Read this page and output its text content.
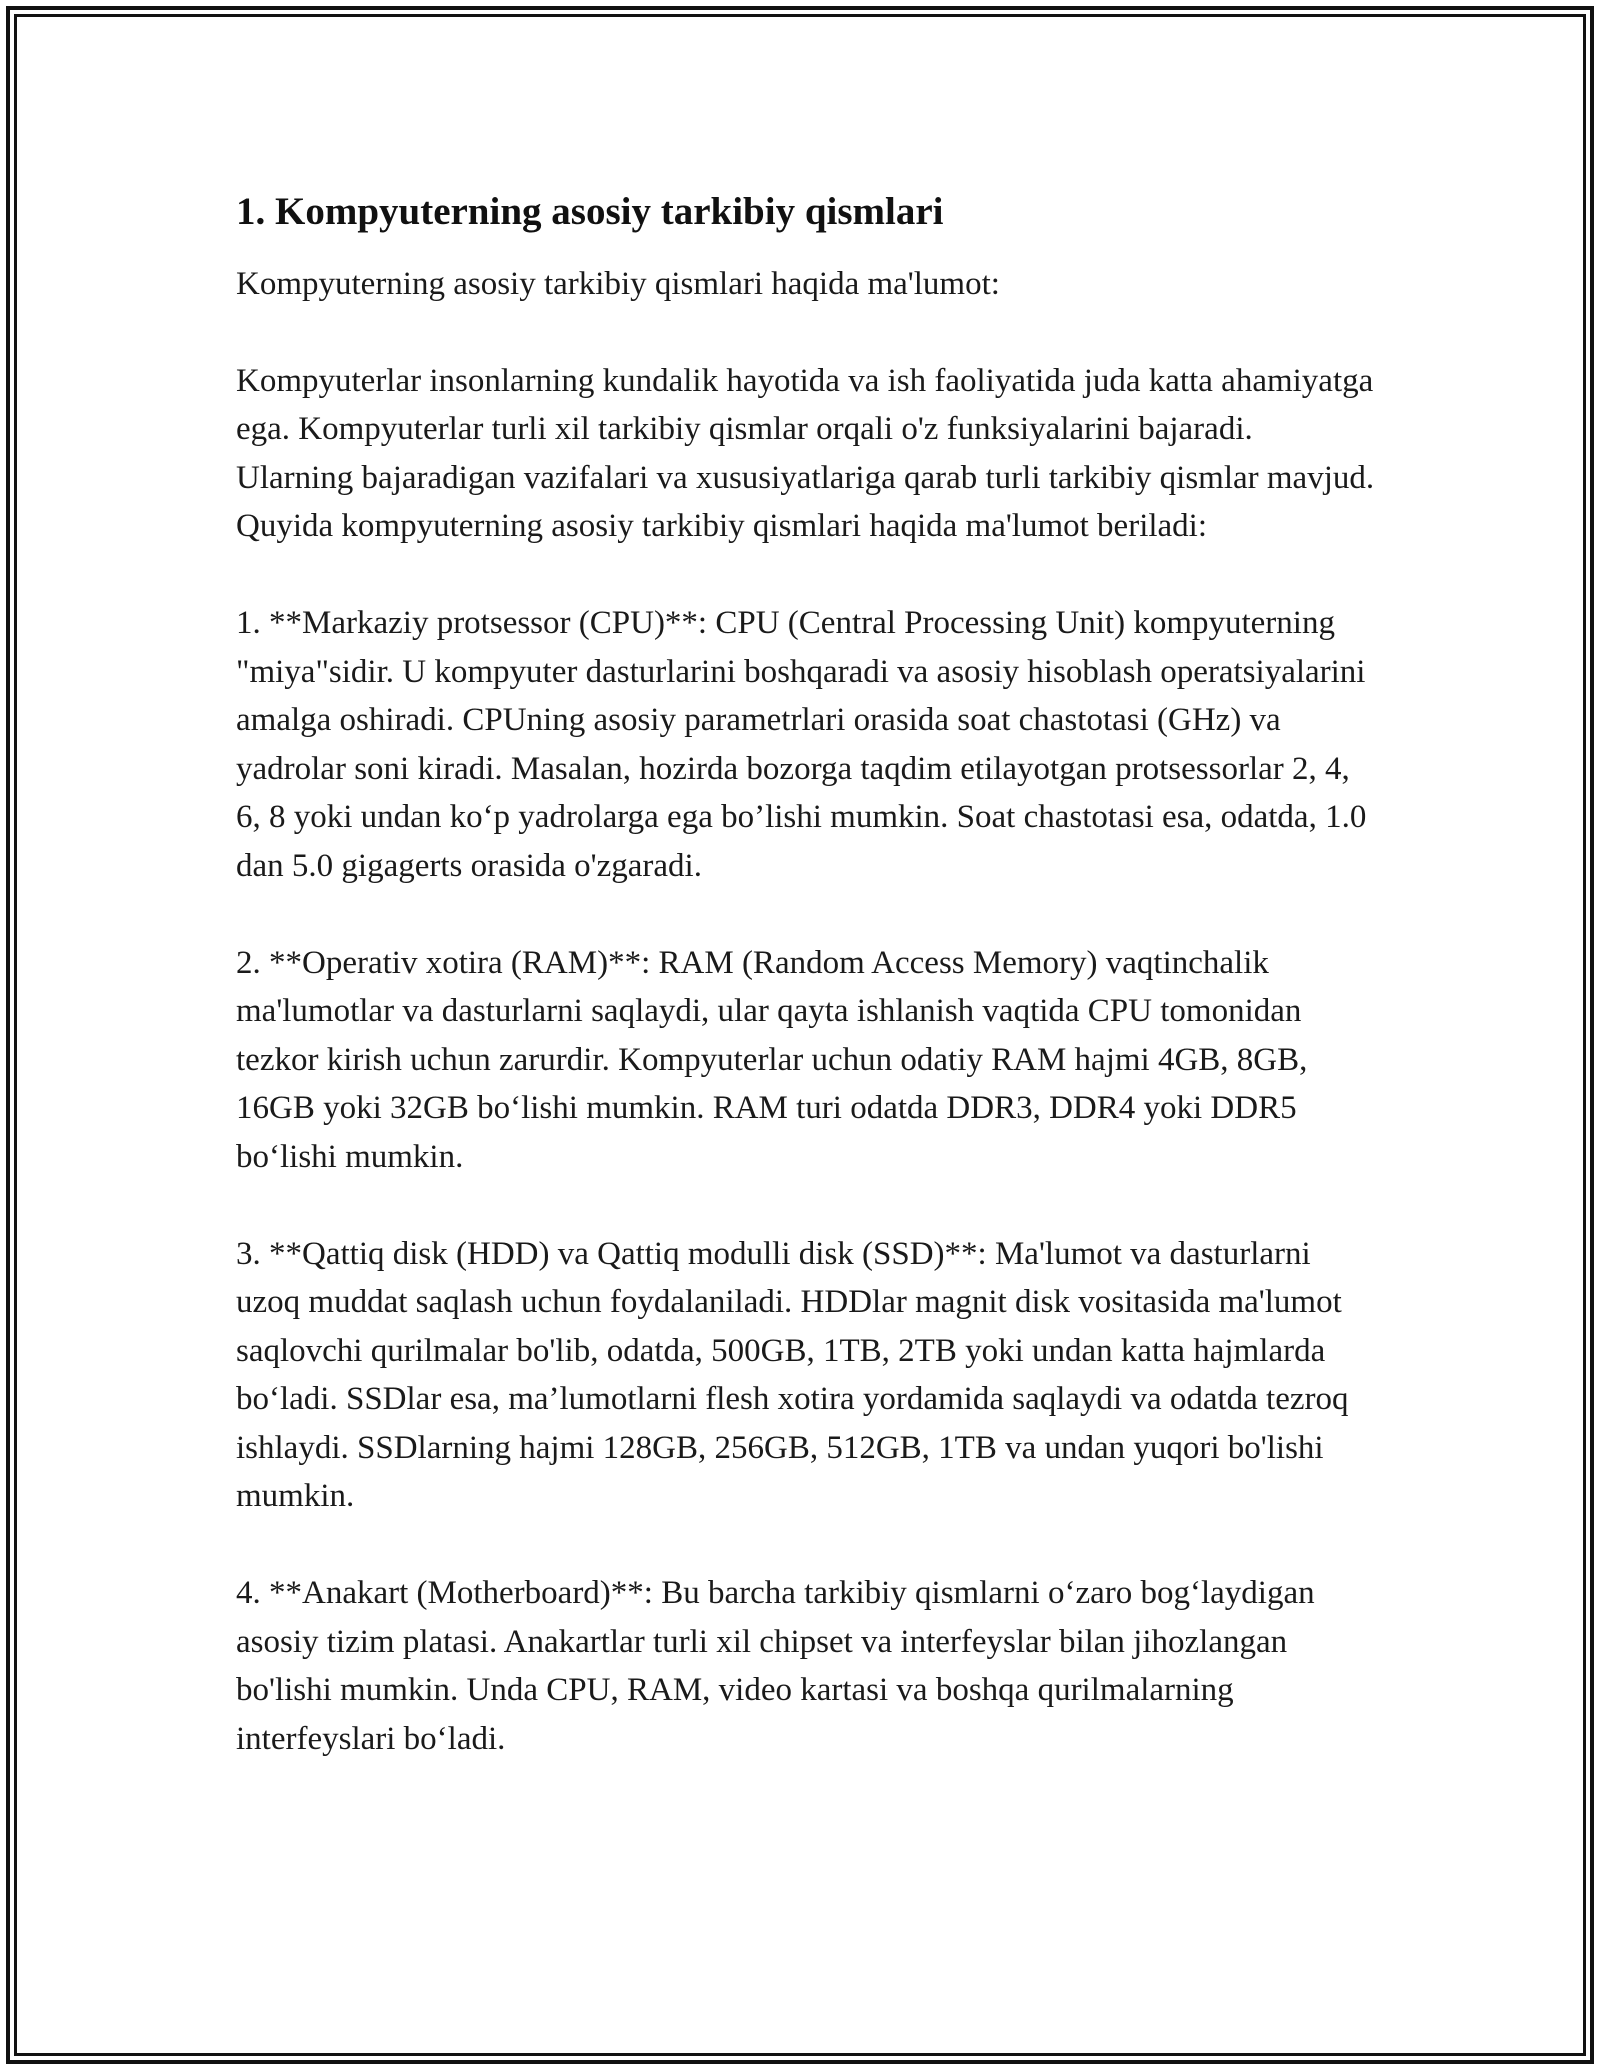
1. Kompyuterning asosiy tarkibiy qismlari

Kompyuterning asosiy tarkibiy qismlari haqida ma'lumot:

Kompyuterlar insonlarning kundalik hayotida va ish faoliyatida juda katta ahamiyatga ega. Kompyuterlar turli xil tarkibiy qismlar orqali o'z funksiyalarini bajaradi. Ularning bajaradigan vazifalari va xususiyatlariga qarab turli tarkibiy qismlar mavjud. Quyida kompyuterning asosiy tarkibiy qismlari haqida ma'lumot beriladi:

1. **Markaziy protsessor (CPU)**: CPU (Central Processing Unit) kompyuterning "miya"sidir. U kompyuter dasturlarini boshqaradi va asosiy hisoblash operatsiyalarini amalga oshiradi. CPUning asosiy parametrlari orasida soat chastotasi (GHz) va yadrolar soni kiradi. Masalan, hozirda bozorga taqdim etilayotgan protsessorlar 2, 4, 6, 8 yoki undan ko‘p yadrolarga ega bo’lishi mumkin. Soat chastotasi esa, odatda, 1.0 dan 5.0 gigagerts orasida o'zgaradi.

2. **Operativ xotira (RAM)**: RAM (Random Access Memory) vaqtinchalik ma'lumotlar va dasturlarni saqlaydi, ular qayta ishlanish vaqtida CPU tomonidan tezkor kirish uchun zarurdir. Kompyuterlar uchun odatiy RAM hajmi 4GB, 8GB, 16GB yoki 32GB bo‘lishi mumkin. RAM turi odatda DDR3, DDR4 yoki DDR5 bo‘lishi mumkin.

3. **Qattiq disk (HDD) va Qattiq modulli disk (SSD)**: Ma'lumot va dasturlarni uzoq muddat saqlash uchun foydalaniladi. HDDlar magnit disk vositasida ma'lumot saqlovchi qurilmalar bo'lib, odatda, 500GB, 1TB, 2TB yoki undan katta hajmlarda bo‘ladi. SSDlar esa, ma’lumotlarni flesh xotira yordamida saqlaydi va odatda tezroq ishlaydi. SSDlarning hajmi 128GB, 256GB, 512GB, 1TB va undan yuqori bo'lishi mumkin.

4. **Anakart (Motherboard)**: Bu barcha tarkibiy qismlarni o‘zaro bog‘laydigan asosiy tizim platasi. Anakartlar turli xil chipset va interfeyslar bilan jihozlangan bo'lishi mumkin. Unda CPU, RAM, video kartasi va boshqa qurilmalarning interfeyslari bo‘ladi.
